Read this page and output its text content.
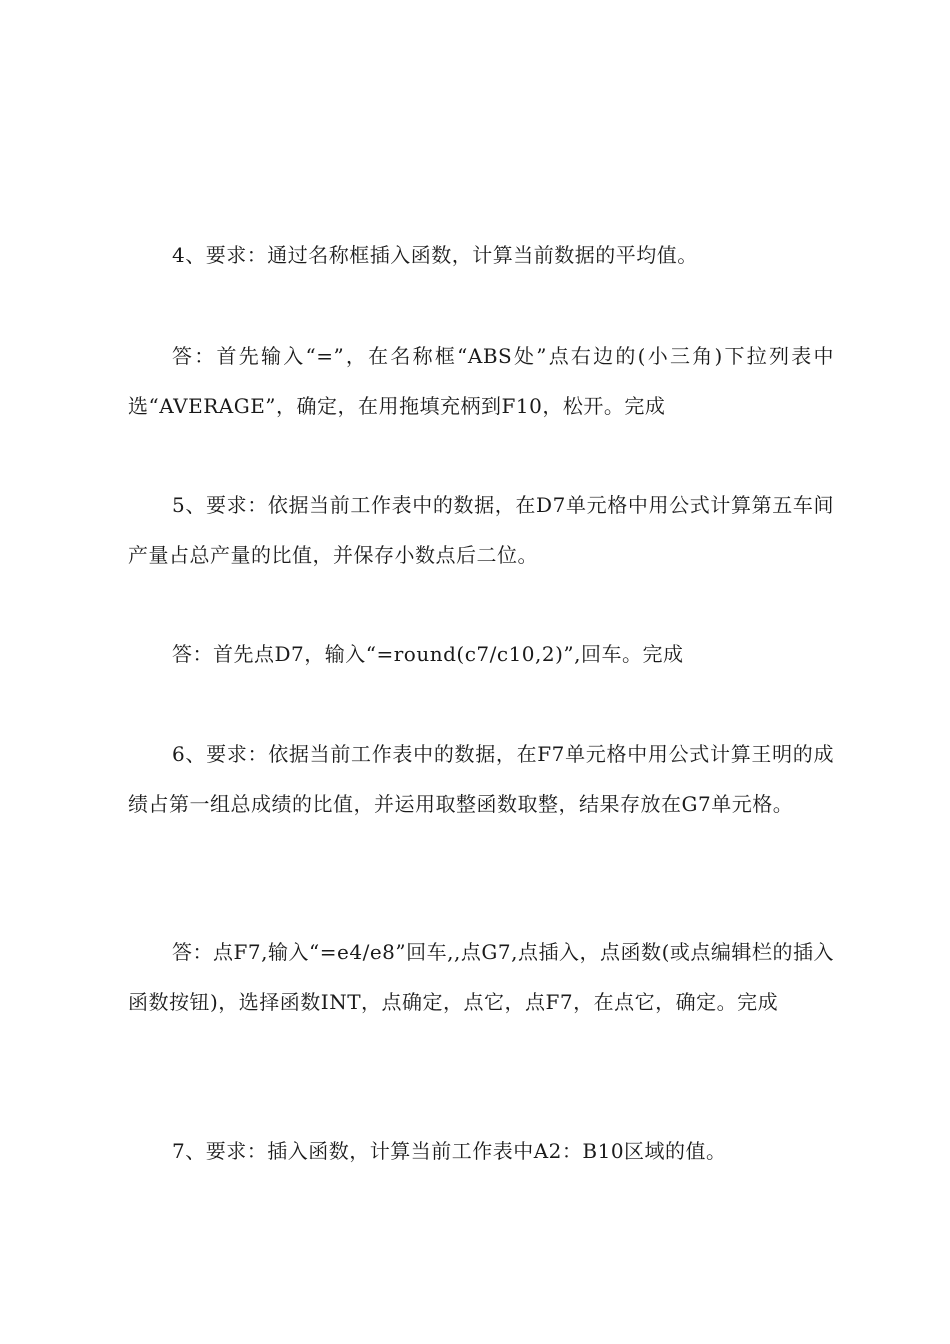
4、要求：通过名称框插入函数，计算当前数据的平均值。

答：首先输入“=”，在名称框“ABS处”点右边的(小三角)下拉列表中选“AVERAGE”，确定，在用拖填充柄到F10，松开。完成

5、要求：依据当前工作表中的数据，在D7单元格中用公式计算第五车间产量占总产量的比值，并保存小数点后二位。

答：首先点D7，输入“=round(c7/c10,2)”,回车。完成

6、要求：依据当前工作表中的数据，在F7单元格中用公式计算王明的成绩占第一组总成绩的比值，并运用取整函数取整，结果存放在G7单元格。

答：点F7,输入“=e4/e8”回车,,点G7,点插入，点函数(或点编辑栏的插入函数按钮)，选择函数INT，点确定，点它，点F7，在点它，确定。完成

7、要求：插入函数，计算当前工作表中A2：B10区域的值。
